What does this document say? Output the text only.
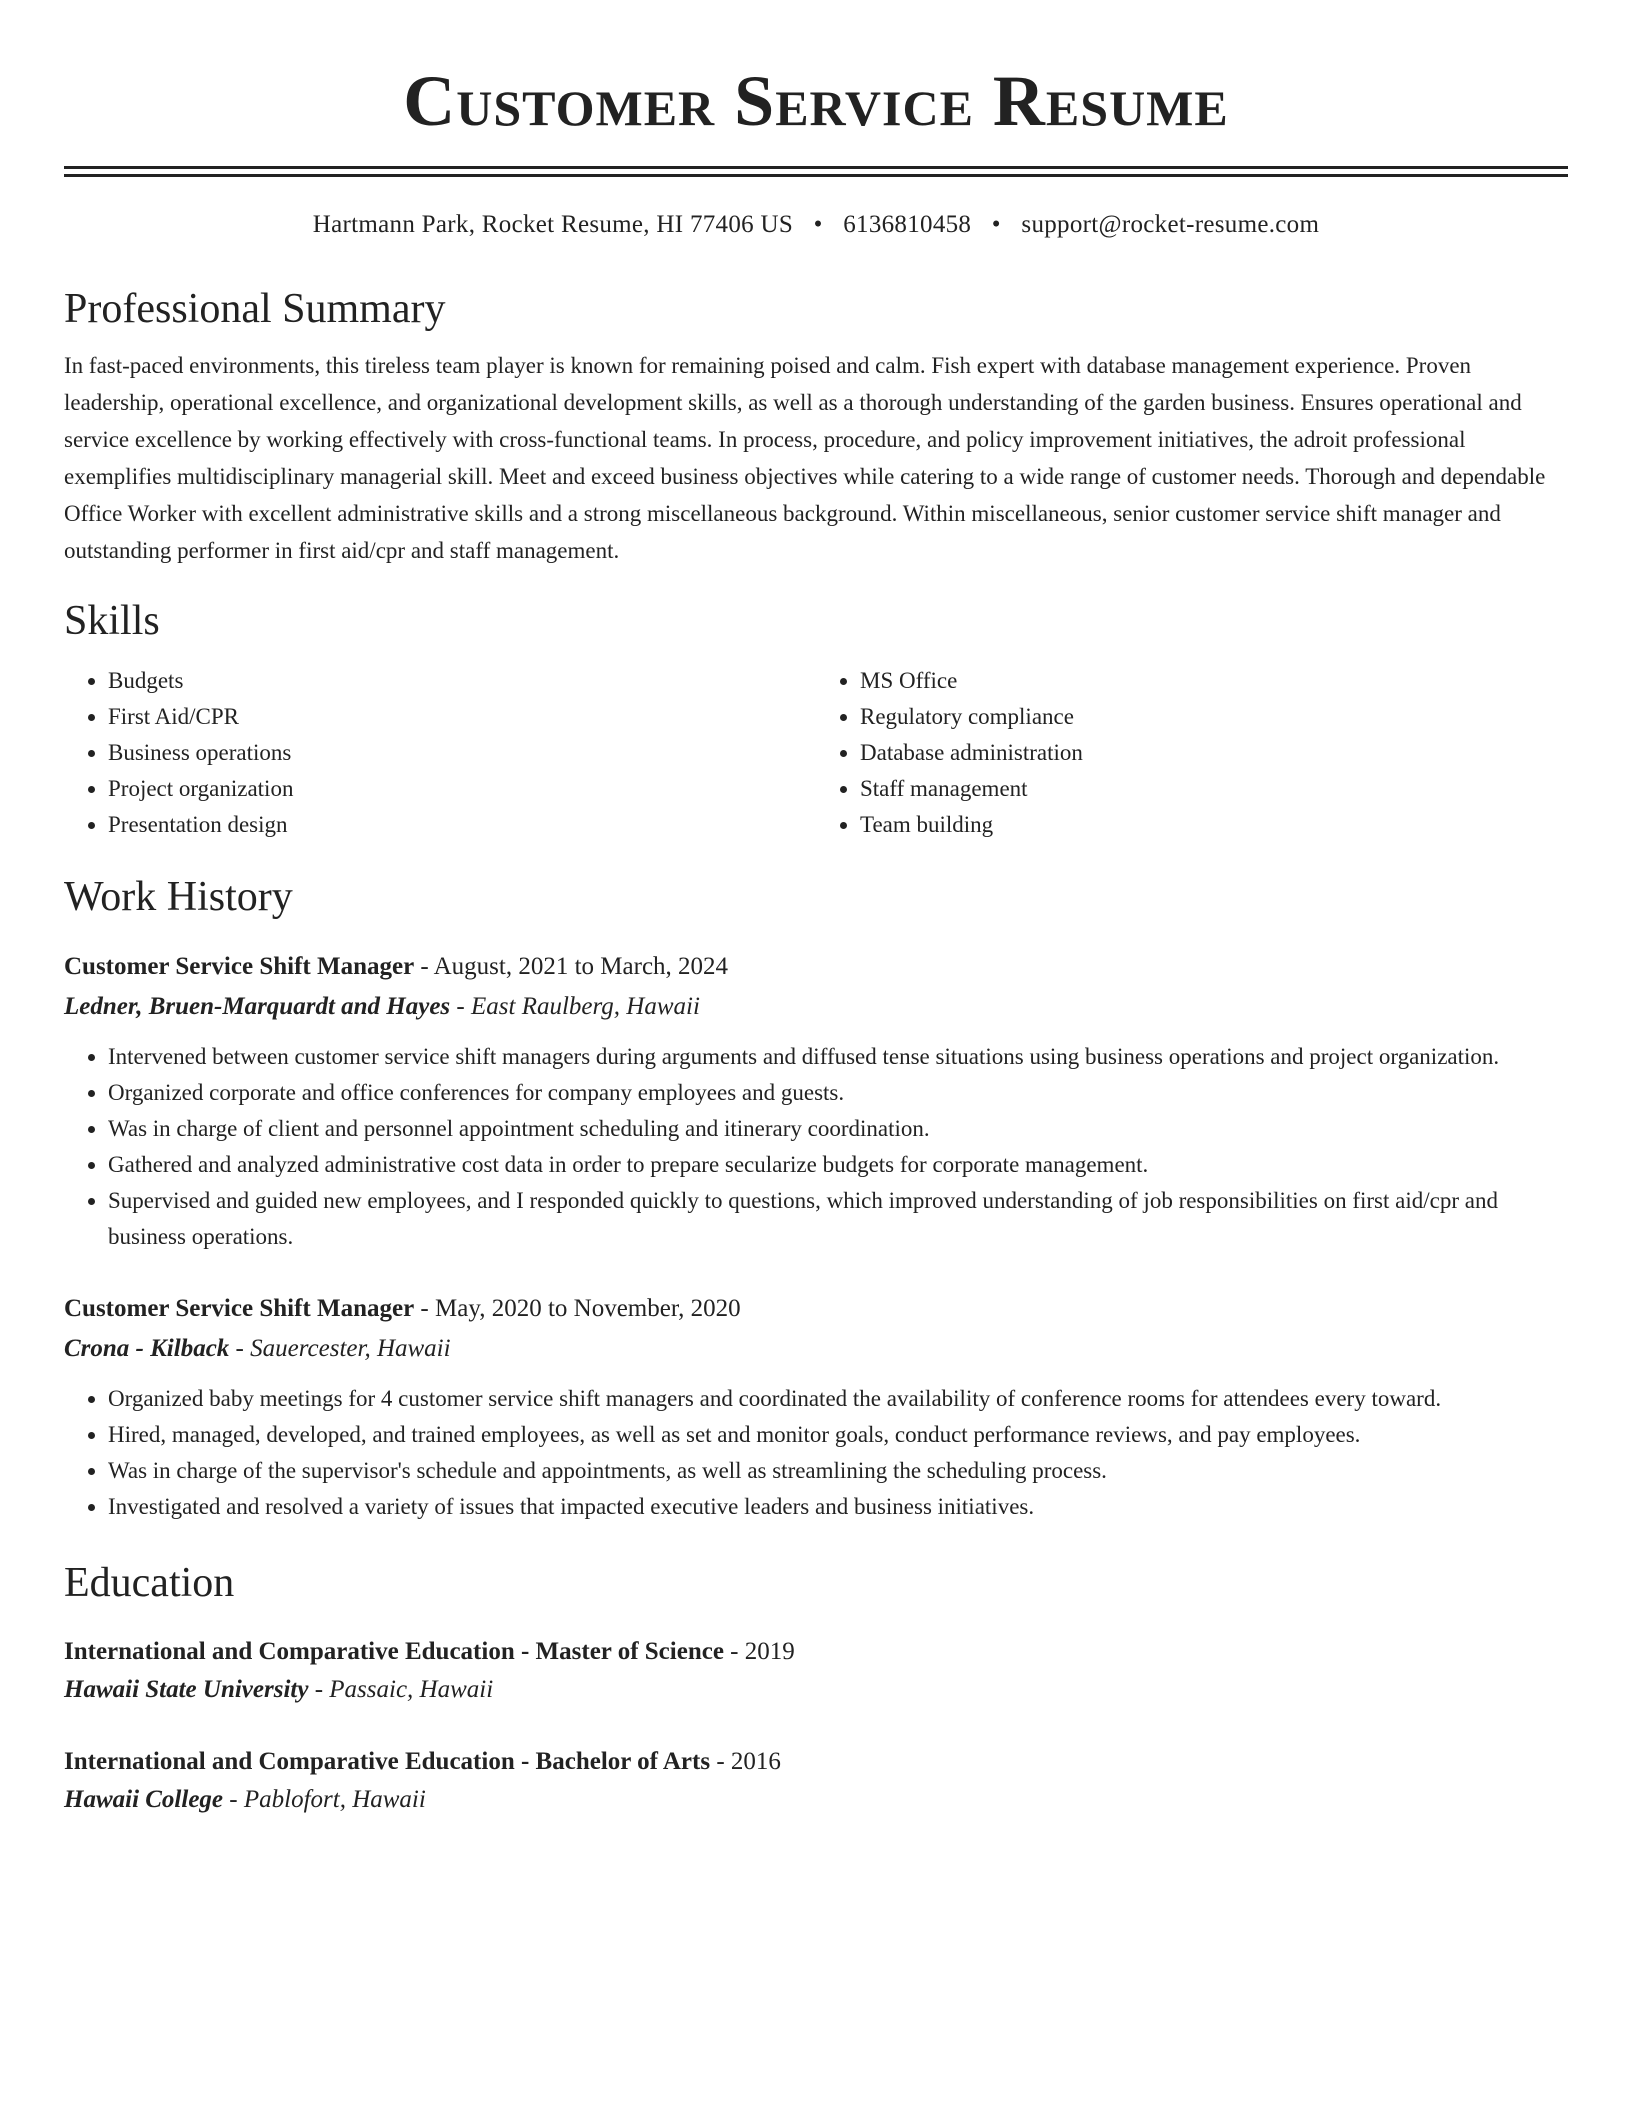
Customer Service Resume
Hartmann Park, Rocket Resume, HI 77406 US • 6136810458 • support@rocket-resume.com
Professional Summary

In fast-paced environments, this tireless team player is known for remaining poised and calm. Fish expert with database management experience. Proven leadership, operational excellence, and organizational development skills, as well as a thorough understanding of the garden business. Ensures operational and service excellence by working effectively with cross-functional teams. In process, procedure, and policy improvement initiatives, the adroit professional exemplifies multidisciplinary managerial skill. Meet and exceed business objectives while catering to a wide range of customer needs. Thorough and dependable Office Worker with excellent administrative skills and a strong miscellaneous background. Within miscellaneous, senior customer service shift manager and outstanding performer in first aid/cpr and staff management.

Skills
• Budgets
• First Aid/CPR
• Business operations
• Project organization
• Presentation design
• MS Office
• Regulatory compliance
• Database administration
• Staff management
• Team building
Work History
Customer Service Shift Manager - August, 2021 to March, 2024
Ledner, Bruen-Marquardt and Hayes - East Raulberg, Hawaii
• Intervened between customer service shift managers during arguments and diffused tense situations using business operations and project organization.
• Organized corporate and office conferences for company employees and guests.
• Was in charge of client and personnel appointment scheduling and itinerary coordination.
• Gathered and analyzed administrative cost data in order to prepare secularize budgets for corporate management.
• Supervised and guided new employees, and I responded quickly to questions, which improved understanding of job responsibilities on first aid/cpr and business operations.
Customer Service Shift Manager - May, 2020 to November, 2020
Crona - Kilback - Sauercester, Hawaii
• Organized baby meetings for 4 customer service shift managers and coordinated the availability of conference rooms for attendees every toward.
• Hired, managed, developed, and trained employees, as well as set and monitor goals, conduct performance reviews, and pay employees.
• Was in charge of the supervisor's schedule and appointments, as well as streamlining the scheduling process.
• Investigated and resolved a variety of issues that impacted executive leaders and business initiatives.
Education
International and Comparative Education - Master of Science - 2019
Hawaii State University - Passaic, Hawaii
International and Comparative Education - Bachelor of Arts - 2016
Hawaii College - Pablofort, Hawaii
